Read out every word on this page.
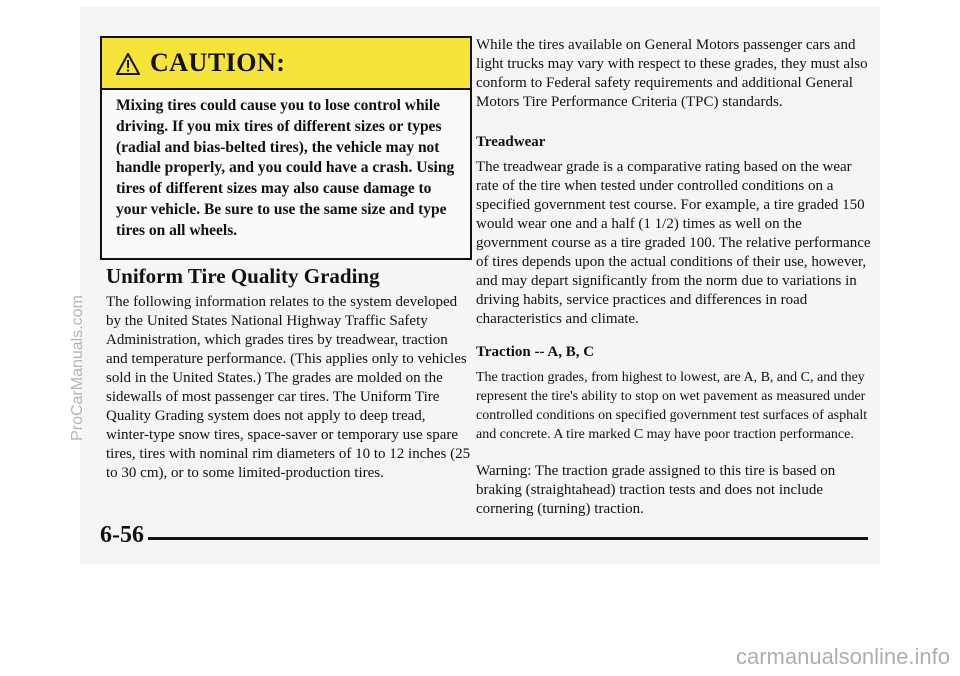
CAUTION:
Mixing tires could cause you to lose control while driving. If you mix tires of different sizes or types (radial and bias-belted tires), the vehicle may not handle properly, and you could have a crash. Using tires of different sizes may also cause damage to your vehicle. Be sure to use the same size and type tires on all wheels.
Uniform Tire Quality Grading
The following information relates to the system developed by the United States National Highway Traffic Safety Administration, which grades tires by treadwear, traction and temperature performance. (This applies only to vehicles sold in the United States.) The grades are molded on the sidewalls of most passenger car tires. The Uniform Tire Quality Grading system does not apply to deep tread, winter-type snow tires, space-saver or temporary use spare tires, tires with nominal rim diameters of 10 to 12 inches (25 to 30 cm), or to some limited-production tires.
While the tires available on General Motors passenger cars and light trucks may vary with respect to these grades, they must also conform to Federal safety requirements and additional General Motors Tire Performance Criteria (TPC) standards.
Treadwear
The treadwear grade is a comparative rating based on the wear rate of the tire when tested under controlled conditions on a specified government test course. For example, a tire graded 150 would wear one and a half (1 1/2) times as well on the government course as a tire graded 100. The relative performance of tires depends upon the actual conditions of their use, however, and may depart significantly from the norm due to variations in driving habits, service practices and differences in road characteristics and climate.
Traction -- A, B, C
The traction grades, from highest to lowest, are A, B, and C, and they represent the tire's ability to stop on wet pavement as measured under controlled conditions on specified government test surfaces of asphalt and concrete. A tire marked C may have poor traction performance.
Warning: The traction grade assigned to this tire is based on braking (straightahead) traction tests and does not include cornering (turning) traction.
6-56
ProCarManuals.com
carmanualsonline.info
